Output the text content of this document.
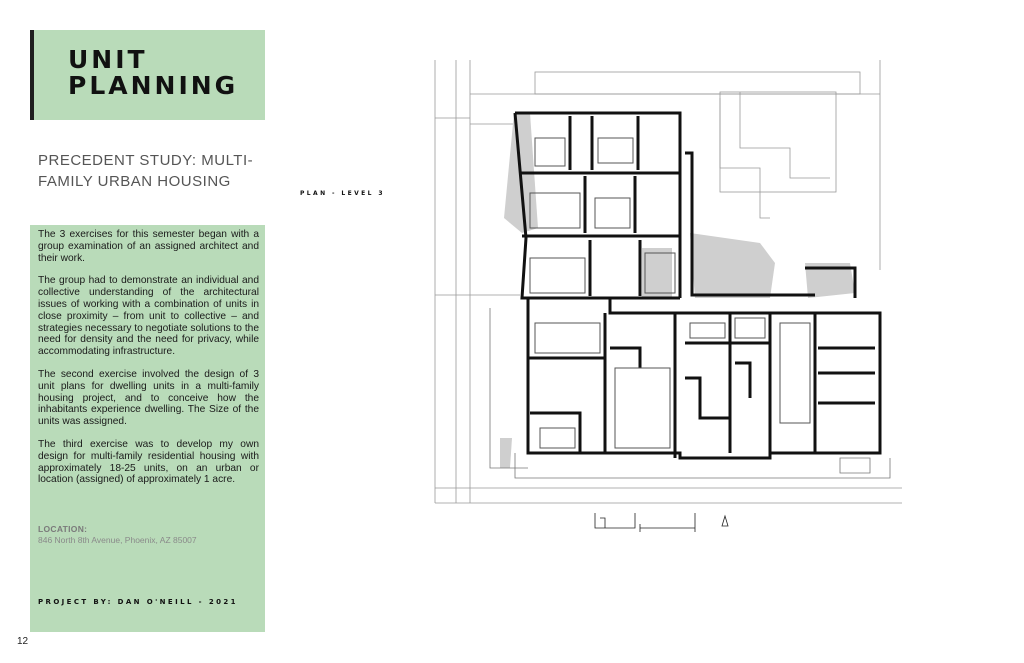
UNIT
PLANNING

PRECEDENT STUDY: MULTI-FAMILY URBAN HOUSING

The 3 exercises for this semester began with a group examination of an assigned architect and their work.

The group had to demonstrate an individual and collective understanding of the architectural issues of working with a combination of units in close proximity – from unit to collective – and strategies necessary to negotiate solutions to the need for density and the need for privacy, while accommodating infrastructure.

The second exercise involved the design of 3 unit plans for dwelling units in a multi-family housing project, and to conceive how the inhabitants experience dwelling. The Size of the units was assigned.

The third exercise was to develop my own design for multi-family residential housing with approximately 18-25 units, on an urban or location (assigned) of approximately 1 acre.

LOCATION:
846 North 8th Avenue, Phoenix, AZ 85007
PROJECT BY: DAN O'NEILL - 2021
12
PLAN - LEVEL 3
